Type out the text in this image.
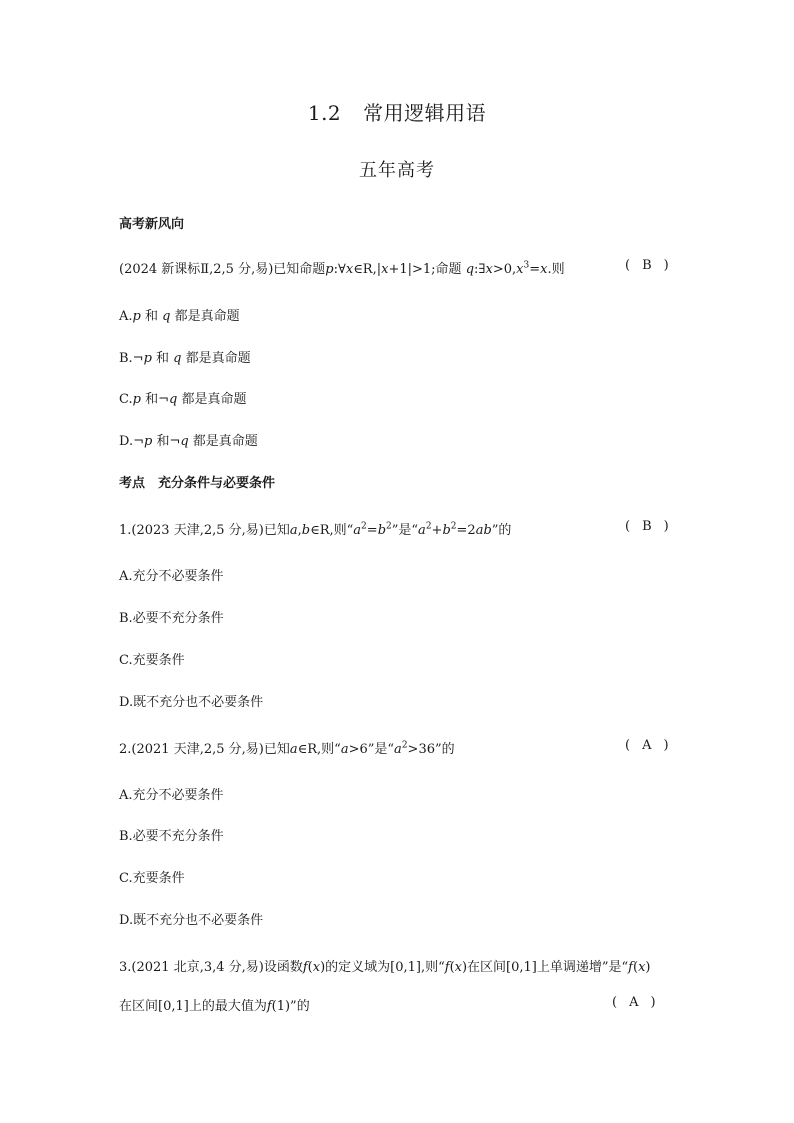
1.2 常用逻辑用语
五年高考
高考新风向
(2024 新课标Ⅱ,2,5 分,易)已知命题p:∀x∈R,|x+1|>1;命题 $q:\exists x>0,x^3=x$.则	( B )
A.p 和 q 都是真命题
B.¬p 和 q 都是真命题
C.p 和¬q 都是真命题
D.¬p 和¬q 都是真命题
考点　充分条件与必要条件
1.(2023 天津,2,5 分,易)已知a,b∈R,则“$a^2=b^2$”是“$a^2+b^2=2ab$”的	( B )
A.充分不必要条件
B.必要不充分条件
C.充要条件
D.既不充分也不必要条件
2.(2021 天津,2,5 分,易)已知a∈R,则“a>6”是“$a^2>36$”的	( A )
A.充分不必要条件
B.必要不充分条件
C.充要条件
D.既不充分也不必要条件
3.(2021 北京,3,4 分,易)设函数f(x)的定义域为[0,1],则“f(x)在区间[0,1]上单调递增”是“f(x)
在区间[0,1]上的最大值为f(1)”的	( A )
